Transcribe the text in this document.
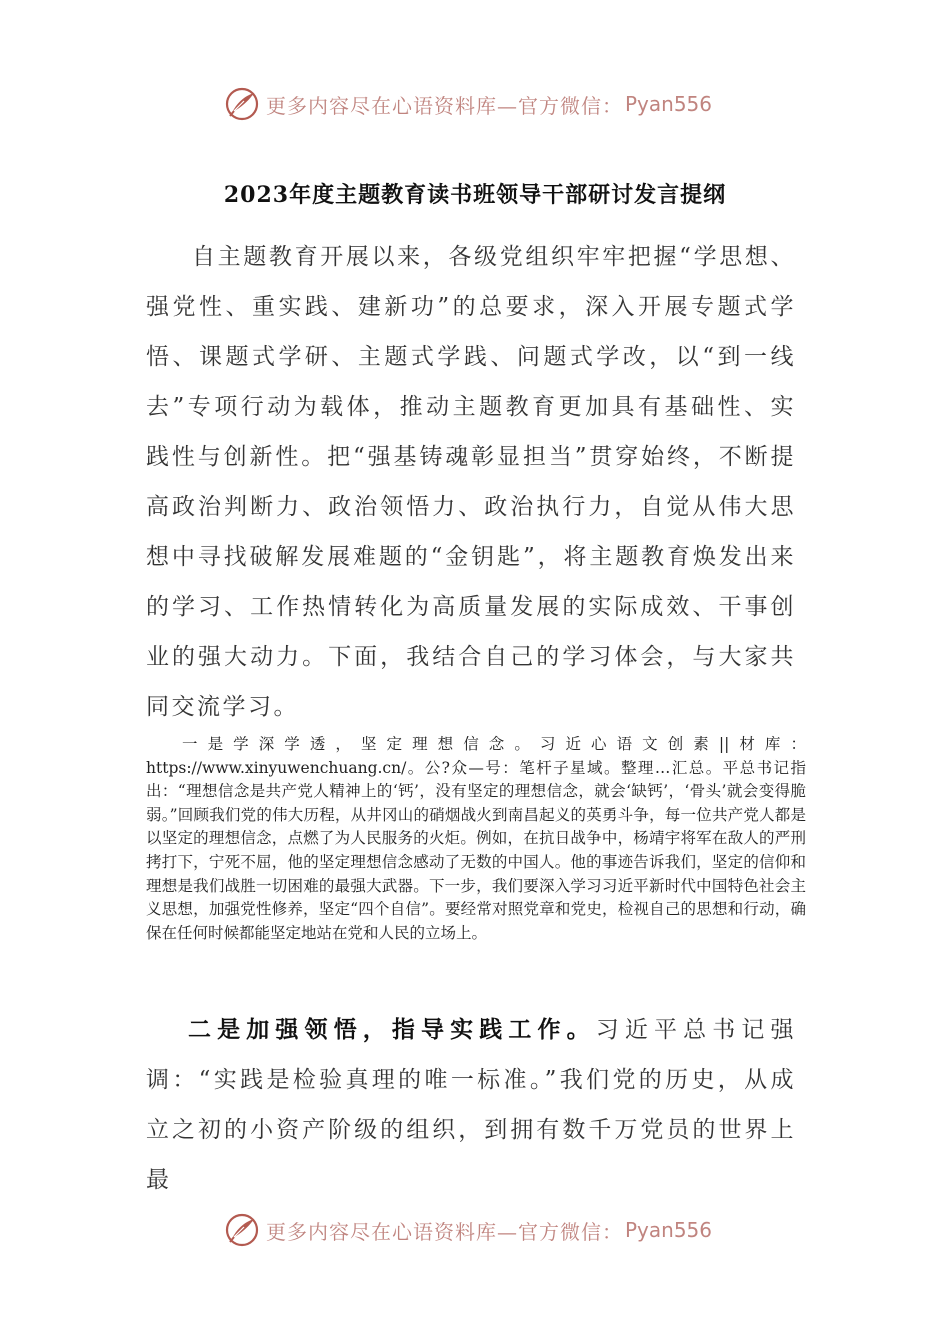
更多内容尽在心语资料库—官方微信： Pyan556
2023年度主题教育读书班领导干部研讨发言提纲
自主题教育开展以来，各级党组织牢牢把握“学思想、强党性、重实践、建新功”的总要求，深入开展专题式学悟、课题式学研、主题式学践、问题式学改，以“到一线去”专项行动为载体，推动主题教育更加具有基础性、实践性与创新性。把“强基铸魂彰显担当”贯穿始终，不断提高政治判断力、政治领悟力、政治执行力，自觉从伟大思想中寻找破解发展难题的“金钥匙”，将主题教育焕发出来的学习、工作热情转化为高质量发展的实际成效、干事创业的强大动力。下面，我结合自己的学习体会，与大家共同交流学习。
一是学深学透，坚定理想信念。习近心语文创素||材库：https://www.xinyuwenchuang.cn/。公?众—号：笔杆子星域。整理…汇总。平总书记指出：“理想信念是共产党人精神上的‘钙’，没有坚定的理想信念，就会‘缺钙’，‘骨头’就会变得脆弱。”回顾我们党的伟大历程，从井冈山的硝烟战火到南昌起义的英勇斗争，每一位共产党人都是以坚定的理想信念，点燃了为人民服务的火炬。例如，在抗日战争中，杨靖宇将军在敌人的严刑拷打下，宁死不屈，他的坚定理想信念感动了无数的中国人。他的事迹告诉我们，坚定的信仰和理想是我们战胜一切困难的最强大武器。下一步，我们要深入学习习近平新时代中国特色社会主义思想，加强党性修养，坚定“四个自信”。要经常对照党章和党史，检视自己的思想和行动，确保在任何时候都能坚定地站在党和人民的立场上。
二是加强领悟，指导实践工作。习近平总书记强调：“实践是检验真理的唯一标准。”我们党的历史，从成立之初的小资产阶级的组织，到拥有数千万党员的世界上最
更多内容尽在心语资料库—官方微信： Pyan556
